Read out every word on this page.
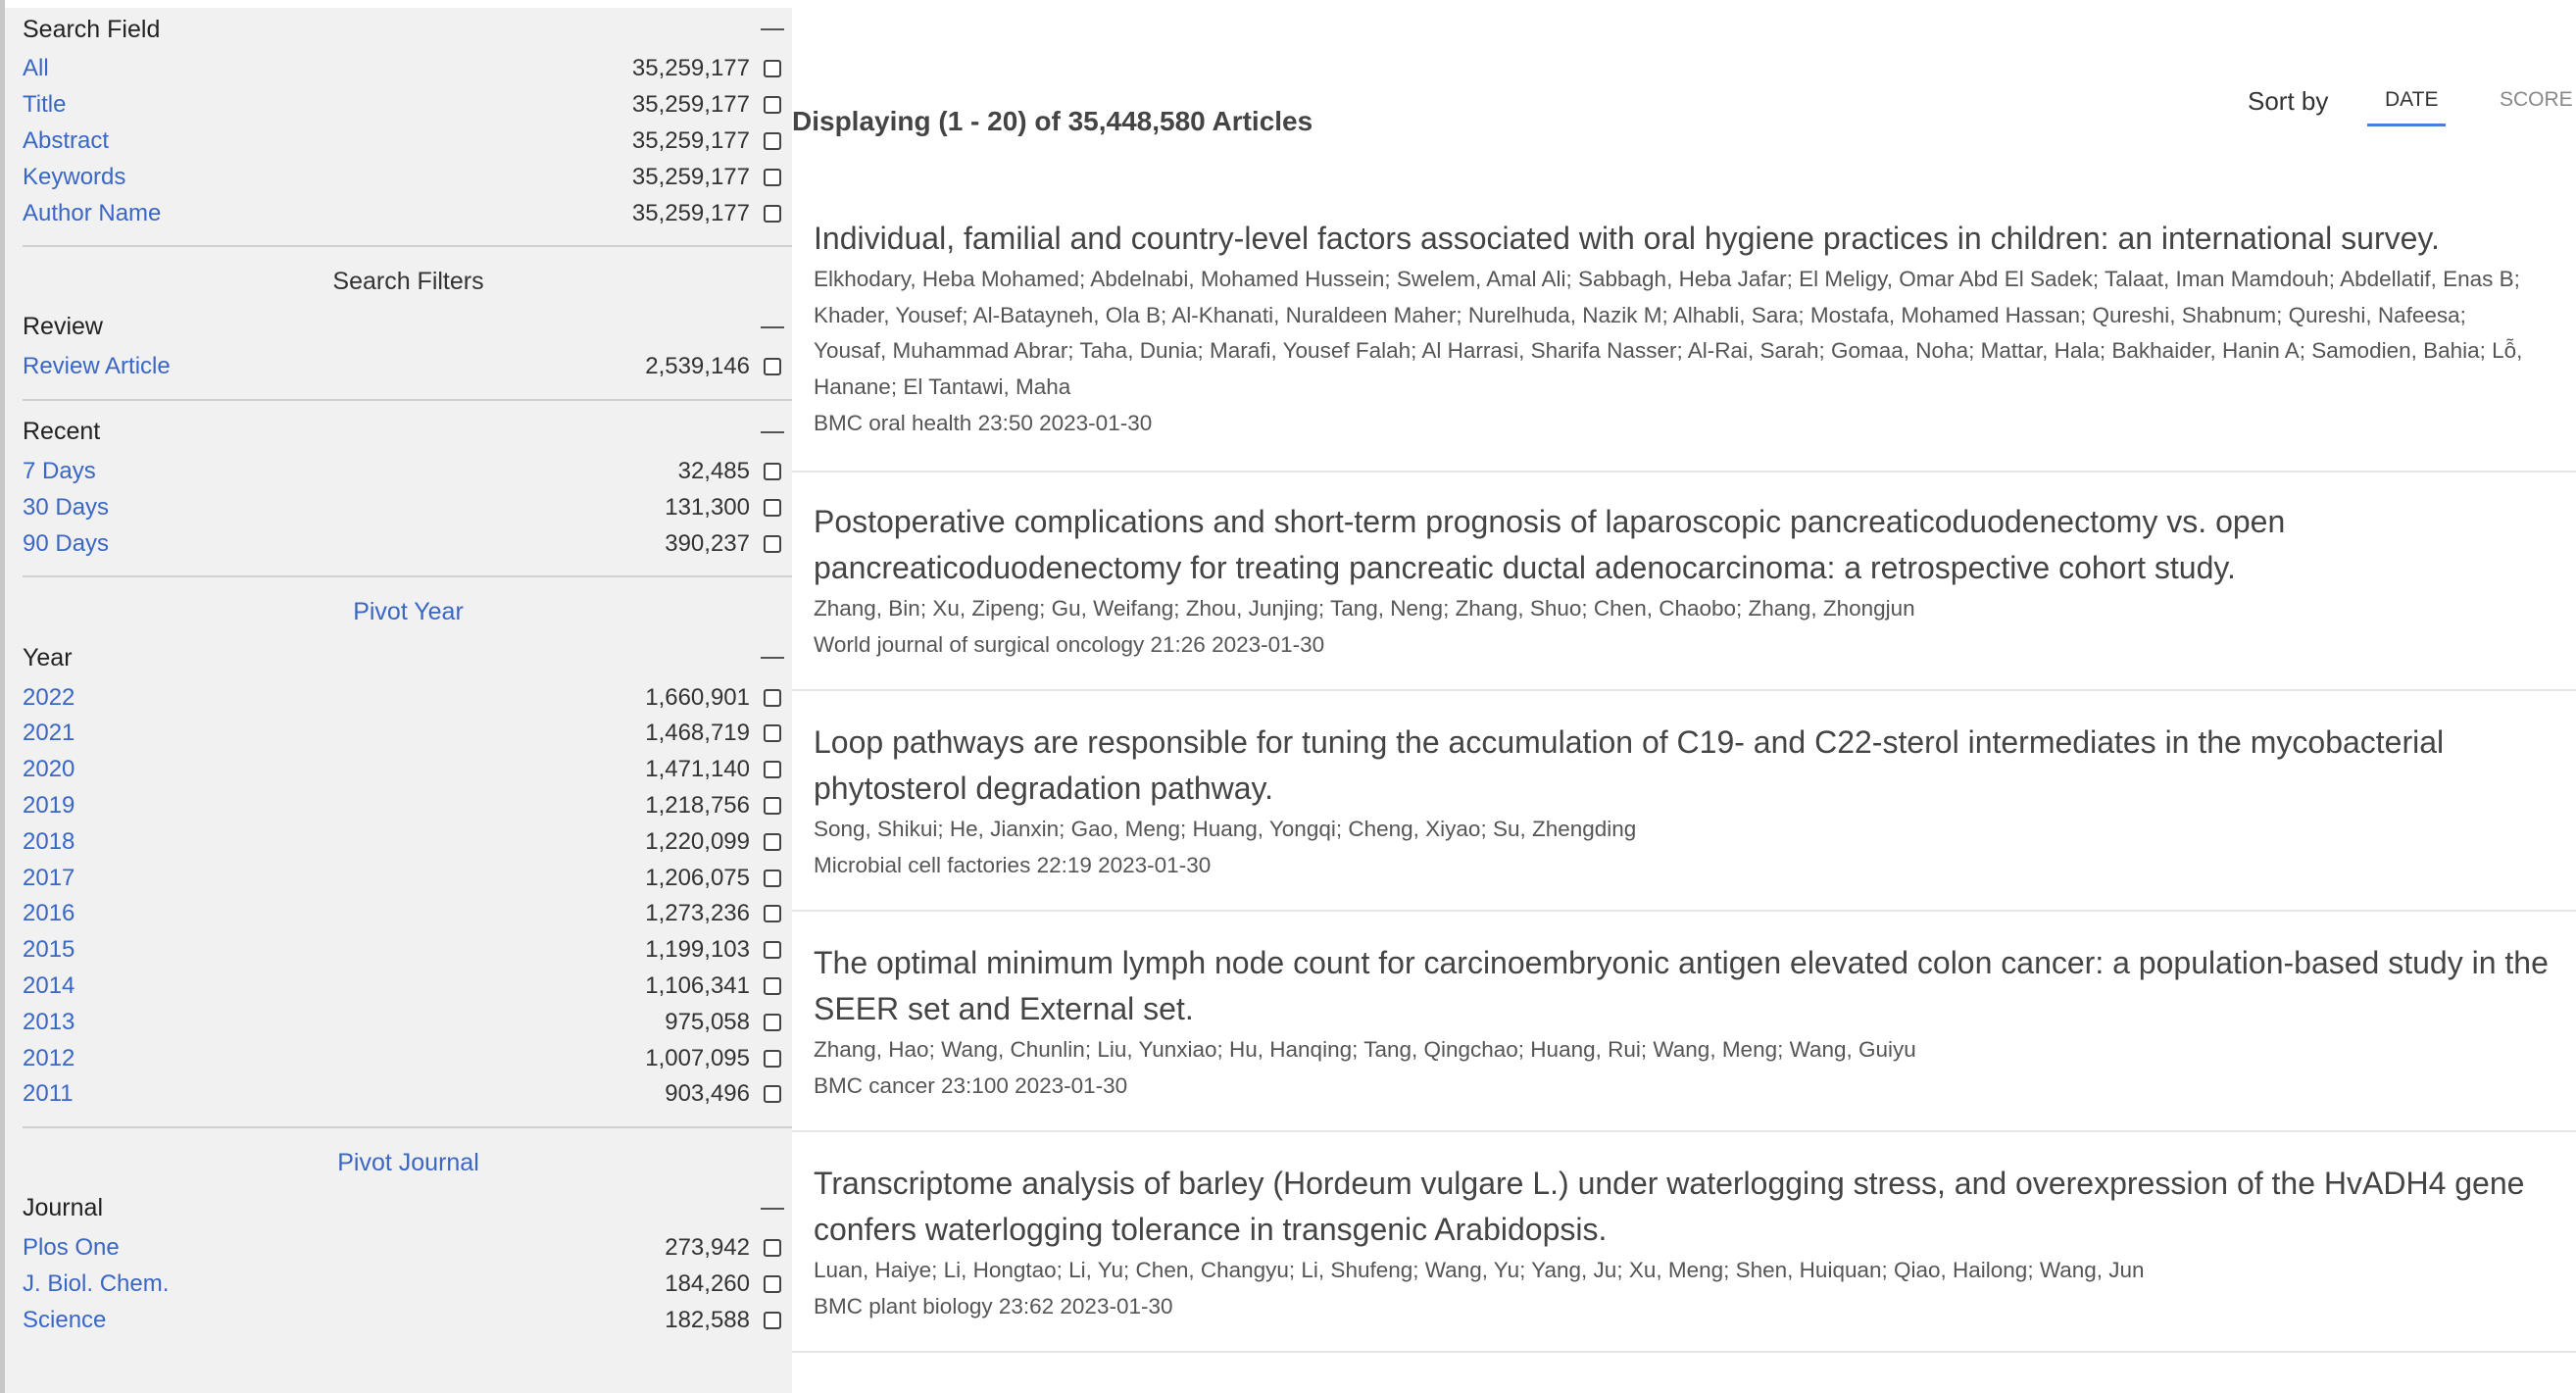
Search Field
All	35,259,177
Title	35,259,177
Abstract	35,259,177
Keywords	35,259,177
Author Name	35,259,177
Search Filters
Review
Review Article	2,539,146
Recent
7 Days	32,485
30 Days	131,300
90 Days	390,237
Pivot Year
Year
2022	1,660,901
2021	1,468,719
2020	1,471,140
2019	1,218,756
2018	1,220,099
2017	1,206,075
2016	1,273,236
2015	1,199,103
2014	1,106,341
2013	975,058
2012	1,007,095
2011	903,496
Pivot Journal
Journal
Plos One	273,942
J. Biol. Chem.	184,260
Science	182,588
Displaying (1 - 20) of 35,448,580 Articles
Sort by	DATE	SCORE
Individual, familial and country-level factors associated with oral hygiene practices in children: an international survey.
Elkhodary, Heba Mohamed; Abdelnabi, Mohamed Hussein; Swelem, Amal Ali; Sabbagh, Heba Jafar; El Meligy, Omar Abd El Sadek; Talaat, Iman Mamdouh; Abdellatif, Enas B; Khader, Yousef; Al-Batayneh, Ola B; Al-Khanati, Nuraldeen Maher; Nurelhuda, Nazik M; Alhabli, Sara; Mostafa, Mohamed Hassan; Qureshi, Shabnum; Qureshi, Nafeesa; Yousaf, Muhammad Abrar; Taha, Dunia; Marafi, Yousef Falah; Al Harrasi, Sharifa Nasser; Al-Rai, Sarah; Gomaa, Noha; Mattar, Hala; Bakhaider, Hanin A; Samodien, Bahia; Lỗ, Hanane; El Tantawi, Maha
BMC oral health 23:50 2023-01-30
Postoperative complications and short-term prognosis of laparoscopic pancreaticoduodenectomy vs. open pancreaticoduodenectomy for treating pancreatic ductal adenocarcinoma: a retrospective cohort study.
Zhang, Bin; Xu, Zipeng; Gu, Weifang; Zhou, Junjing; Tang, Neng; Zhang, Shuo; Chen, Chaobo; Zhang, Zhongjun
World journal of surgical oncology 21:26 2023-01-30
Loop pathways are responsible for tuning the accumulation of C19- and C22-sterol intermediates in the mycobacterial phytosterol degradation pathway.
Song, Shikui; He, Jianxin; Gao, Meng; Huang, Yongqi; Cheng, Xiyao; Su, Zhengding
Microbial cell factories 22:19 2023-01-30
The optimal minimum lymph node count for carcinoembryonic antigen elevated colon cancer: a population-based study in the SEER set and External set.
Zhang, Hao; Wang, Chunlin; Liu, Yunxiao; Hu, Hanqing; Tang, Qingchao; Huang, Rui; Wang, Meng; Wang, Guiyu
BMC cancer 23:100 2023-01-30
Transcriptome analysis of barley (Hordeum vulgare L.) under waterlogging stress, and overexpression of the HvADH4 gene confers waterlogging tolerance in transgenic Arabidopsis.
Luan, Haiye; Li, Hongtao; Li, Yu; Chen, Changyu; Li, Shufeng; Wang, Yu; Yang, Ju; Xu, Meng; Shen, Huiquan; Qiao, Hailong; Wang, Jun
BMC plant biology 23:62 2023-01-30
